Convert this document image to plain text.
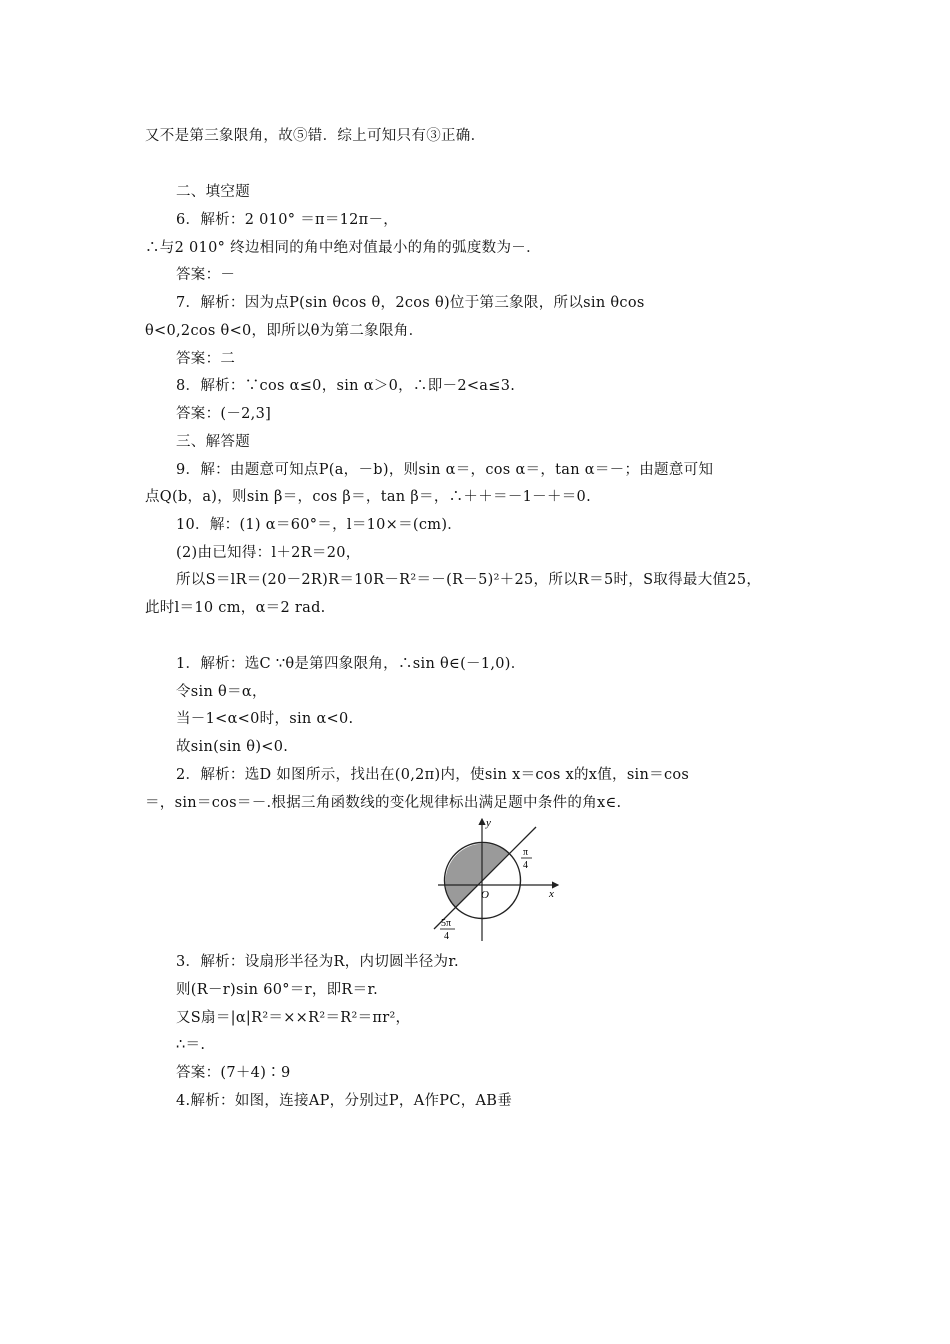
又不是第三象限角，故⑤错．综上可知只有③正确．
二、填空题
6．解析：2 010° ＝π＝12π－，
∴与2 010° 终边相同的角中绝对值最小的角的弧度数为－．
答案：－
7．解析：因为点P(sin θcos θ，2cos θ)位于第三象限，所以sin θcos
θ<0,2cos θ<0，即所以θ为第二象限角．
答案：二
8．解析：∵cos α≤0，sin α＞0，∴即－2<a≤3.
答案：(－2,3]
三、解答题
9．解：由题意可知点P(a，－b)，则sin α＝，cos α＝，tan α＝－；由题意可知
点Q(b，a)，则sin β＝，cos β＝，tan β＝，∴＋＋＝－1－＋＝0.
10．解：(1) α＝60°＝，l＝10×＝(cm)．
(2)由已知得：l＋2R＝20，
所以S＝lR＝(20－2R)R＝10R－R²＝－(R－5)²＋25，所以R＝5时，S取得最大值25，
此时l＝10 cm，α＝2 rad.
1．解析：选C ∵θ是第四象限角，∴sin θ∈(－1,0)．
令sin θ＝α，
当－1<α<0时，sin α<0.
故sin(sin θ)<0.
2．解析：选D 如图所示，找出在(0,2π)内，使sin x＝cos x的x值，sin＝cos
＝，sin＝cos＝－.根据三角函数线的变化规律标出满足题中条件的角x∈.
y
x
O
π
4
5π
4
3．解析：设扇形半径为R，内切圆半径为r.
则(R－r)sin 60°＝r，即R＝r.
又S扇＝|α|R²＝××R²＝R²＝πr²，
∴＝.
答案：(7＋4)∶9
4.解析：如图，连接AP，分别过P，A作PC，AB垂
